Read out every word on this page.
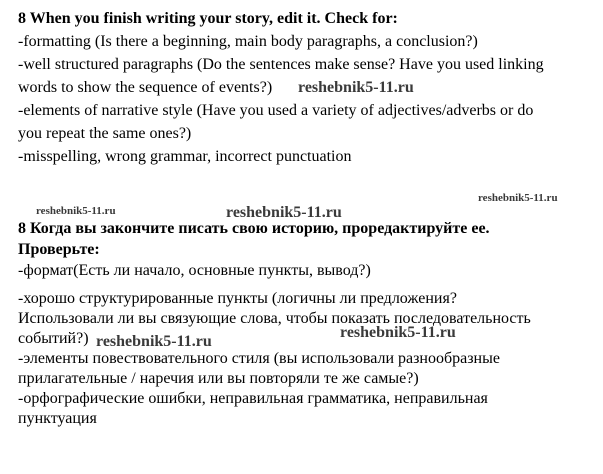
8 When you finish writing your story, edit it. Check for:

-formatting (Is there a beginning, main body paragraphs, a conclusion?)

-well structured paragraphs (Do the sentences make sense? Have you used linking

words to show the sequence of events?)

-elements of narrative style (Have you used a variety of adjectives/adverbs or do

you repeat the same ones?)

-misspelling, wrong grammar, incorrect punctuation

8 Когда вы закончите писать свою историю, проредактируйте ее.

Проверьте:

-формат(Есть ли начало, основные пункты, вывод?)

-хорошо структурированные пункты (логичны ли предложения?

Использовали ли вы связующие слова, чтобы показать последовательность

событий?)

-элементы повествовательного стиля (вы использовали разнообразные

прилагательные / наречия или вы повторяли те же самые?)

-орфографические ошибки, неправильная грамматика, неправильная

пунктуация

reshebnik5-11.ru

reshebnik5-11.ru

reshebnik5-11.ru	reshebnik5-11.ru

reshebnik5-11.ru

reshebnik5-11.ru
